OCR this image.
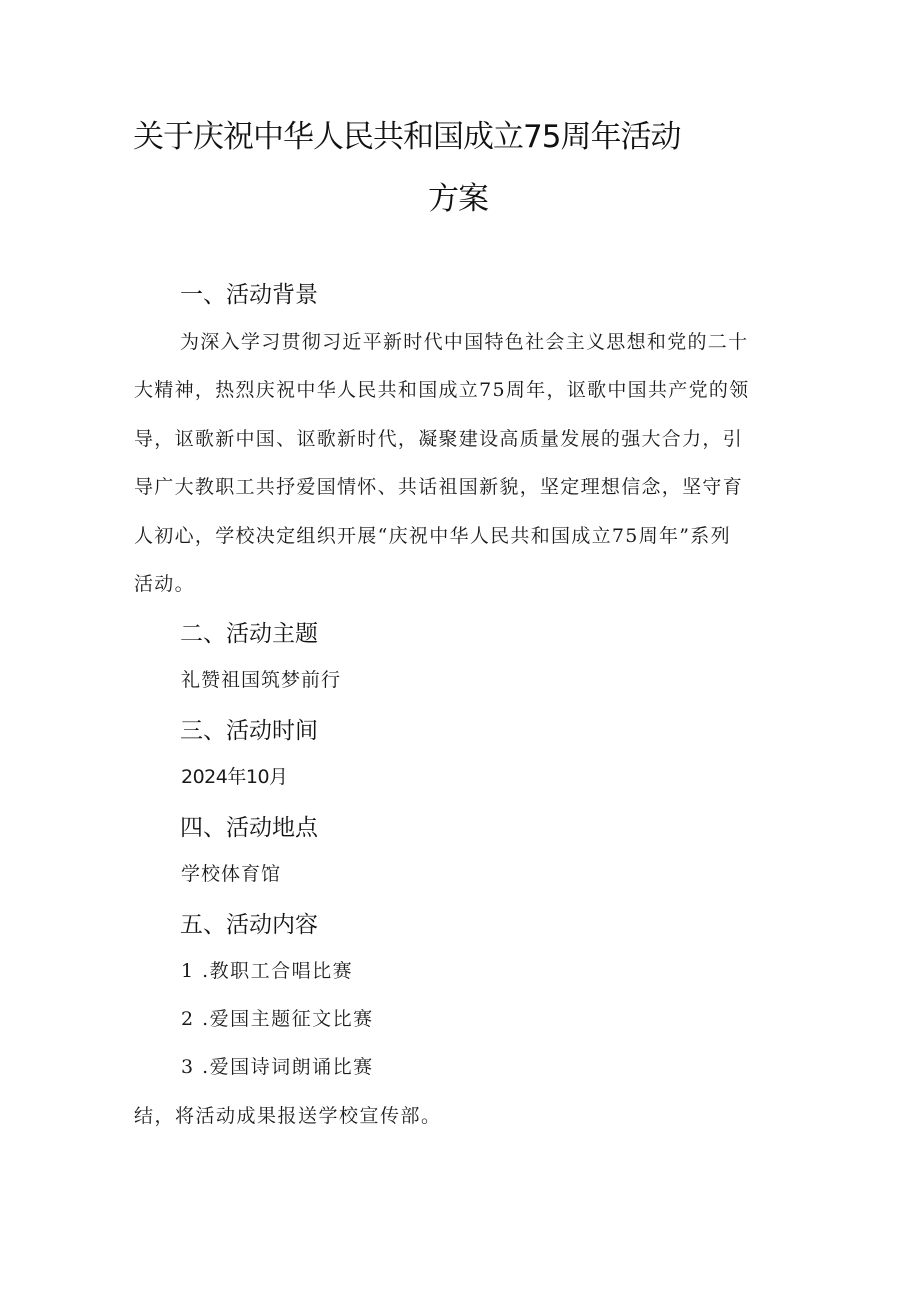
关于庆祝中华人民共和国成立75周年活动
方案
一、活动背景
为深入学习贯彻习近平新时代中国特色社会主义思想和党的二十
大精神，热烈庆祝中华人民共和国成立75周年，讴歌中国共产党的领
导，讴歌新中国、讴歌新时代，凝聚建设高质量发展的强大合力，引
导广大教职工共抒爱国情怀、共话祖国新貌，坚定理想信念，坚守育
人初心，学校决定组织开展“庆祝中华人民共和国成立75周年”系列
活动。
二、活动主题
礼赞祖国筑梦前行
三、活动时间
2024年10月
四、活动地点
学校体育馆
五、活动内容
1 .教职工合唱比赛
2 .爱国主题征文比赛
3 .爱国诗词朗诵比赛
结，将活动成果报送学校宣传部。
